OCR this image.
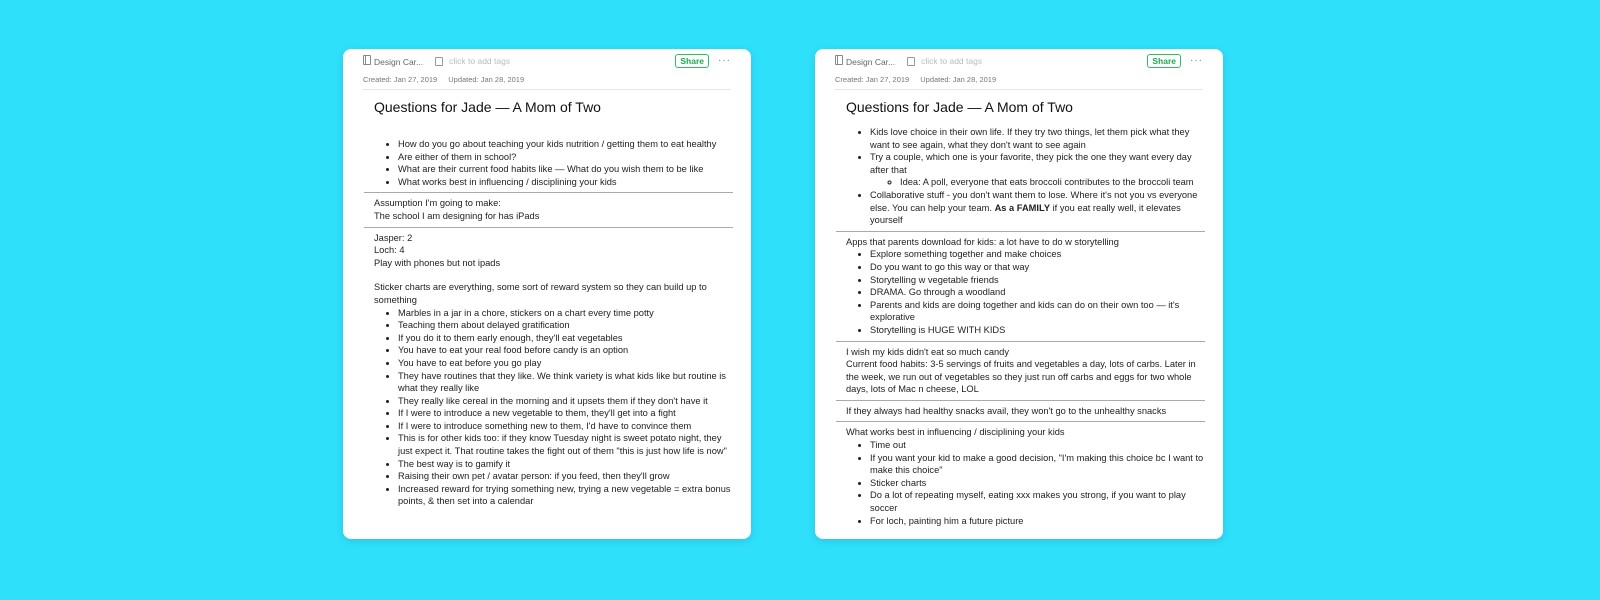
Design Car...	click to add tags	Share	···
Created: Jan 27, 2019 Updated: Jan 28, 2019
Questions for Jade — A Mom of Two
• How do you go about teaching your kids nutrition / getting them to eat healthy
• Are either of them in school?
• What are their current food habits like — What do you wish them to be like
• What works best in influencing / disciplining your kids

Assumption I'm going to make:

The school I am designing for has iPads

Jasper: 2

Loch: 4

Play with phones but not ipads

Sticker charts are everything, some sort of reward system so they can build up to something

• Marbles in a jar in a chore, stickers on a chart every time potty
• Teaching them about delayed gratification
• If you do it to them early enough, they'll eat vegetables
• You have to eat your real food before candy is an option
• You have to eat before you go play
• They have routines that they like. We think variety is what kids like but routine is what they really like
• They really like cereal in the morning and it upsets them if they don't have it
• If I were to introduce a new vegetable to them, they'll get into a fight
• If I were to introduce something new to them, I'd have to convince them
• This is for other kids too: if they know Tuesday night is sweet potato night, they just expect it. That routine takes the fight out of them "this is just how life is now"
• The best way is to gamify it
• Raising their own pet / avatar person: if you feed, then they'll grow
• Increased reward for trying something new, trying a new vegetable = extra bonus points, & then set into a calendar
Design Car...	click to add tags	Share	···
Created: Jan 27, 2019 Updated: Jan 28, 2019
Questions for Jade — A Mom of Two
• Kids love choice in their own life. If they try two things, let them pick what they want to see again, what they don't want to see again
• Try a couple, which one is your favorite, they pick the one they want every day after that
◦ Idea: A poll, everyone that eats broccoli contributes to the broccoli team
• Collaborative stuff - you don't want them to lose. Where it's not you vs everyone else. You can help your team. As a FAMILY if you eat really well, it elevates yourself

Apps that parents download for kids: a lot have to do w storytelling

• Explore something together and make choices
• Do you want to go this way or that way
• Storytelling w vegetable friends
• DRAMA. Go through a woodland
• Parents and kids are doing together and kids can do on their own too — it's explorative
• Storytelling is HUGE WITH KIDS

I wish my kids didn't eat so much candy

Current food habits: 3-5 servings of fruits and vegetables a day, lots of carbs. Later in the week, we run out of vegetables so they just run off carbs and eggs for two whole days, lots of Mac n cheese, LOL

If they always had healthy snacks avail, they won't go to the unhealthy snacks

What works best in influencing / disciplining your kids

• Time out
• If you want your kid to make a good decision, "I'm making this choice bc I want to make this choice"
• Sticker charts
• Do a lot of repeating myself, eating xxx makes you strong, if you want to play soccer
• For loch, painting him a future picture
